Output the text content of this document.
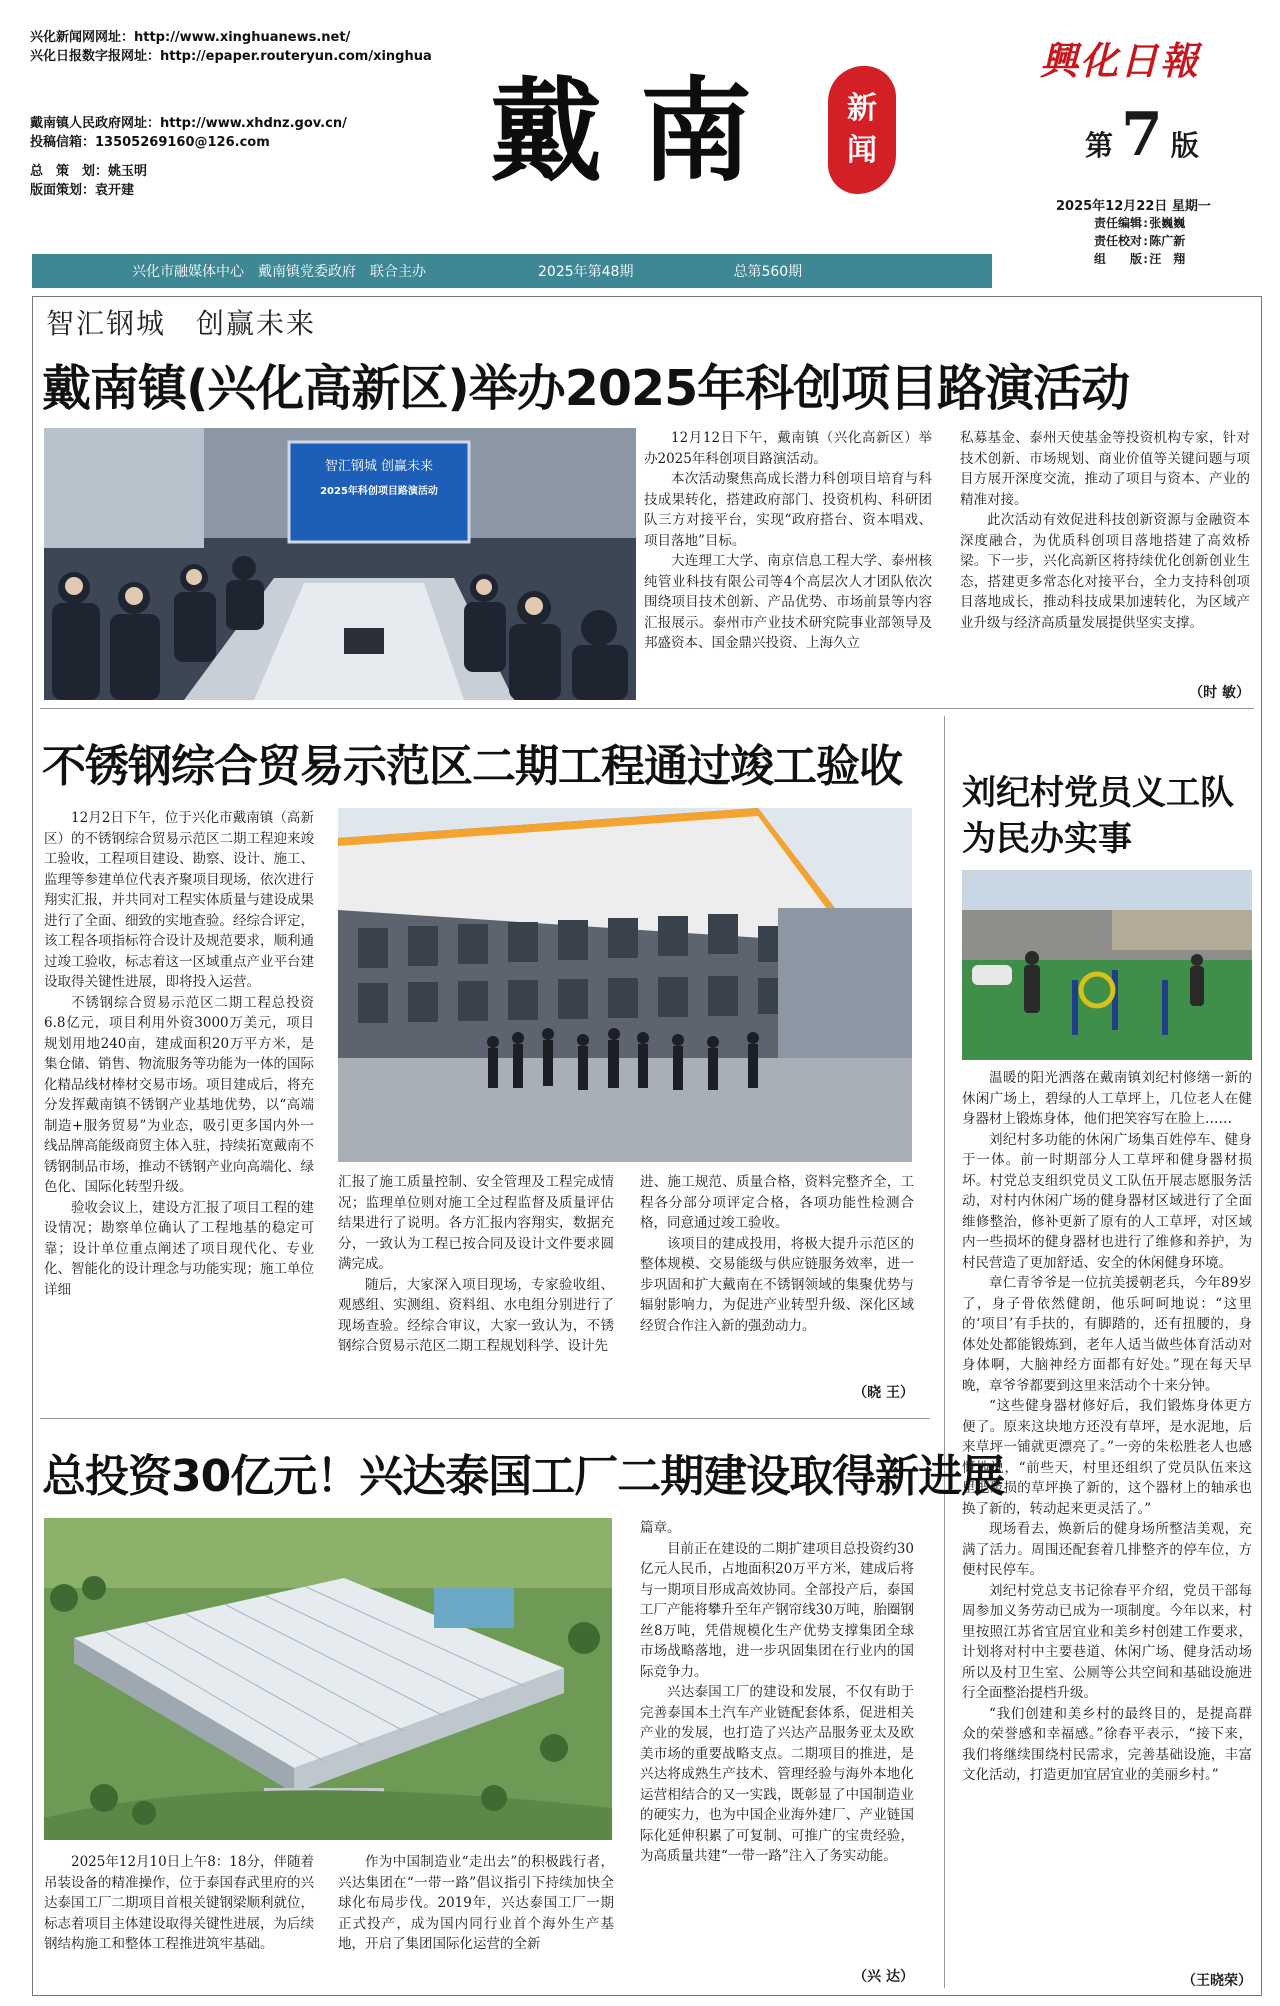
兴化新闻网网址：http://www.xinghuanews.net/
兴化日报数字报网址：http://epaper.routeryun.com/xinghua
戴南镇人民政府网址：http://www.xhdnz.gov.cn/
投稿信箱：13505269160@126.com
总　策　划：姚玉明
版面策划：袁开建	戴南 新
闻
興化日報
第 7 版
2025年12月22日 星期一
责任编辑:张巍巍
责任校对:陈广新
组　　版:汪　翔
兴化市融媒体中心　戴南镇党委政府　联合主办	2025年第48期	总第560期
智汇钢城　创赢未来
戴南镇(兴化高新区)举办2025年科创项目路演活动
智汇钢城 创赢未来
2025年科创项目路演活动

12月12日下午，戴南镇（兴化高新区）举办2025年科创项目路演活动。

本次活动聚焦高成长潜力科创项目培育与科技成果转化，搭建政府部门、投资机构、科研团队三方对接平台，实现“政府搭台、资本唱戏、项目落地”目标。

大连理工大学、南京信息工程大学、泰州核纯管业科技有限公司等4个高层次人才团队依次围绕项目技术创新、产品优势、市场前景等内容汇报展示。泰州市产业技术研究院事业部领导及邦盛资本、国金鼎兴投资、上海久立

私募基金、泰州天使基金等投资机构专家，针对技术创新、市场规划、商业价值等关键问题与项目方展开深度交流，推动了项目与资本、产业的精准对接。

此次活动有效促进科技创新资源与金融资本深度融合，为优质科创项目落地搭建了高效桥梁。下一步，兴化高新区将持续优化创新创业生态，搭建更多常态化对接平台，全力支持科创项目落地成长，推动科技成果加速转化，为区域产业升级与经济高质量发展提供坚实支撑。

（时 敏）
不锈钢综合贸易示范区二期工程通过竣工验收

12月2日下午，位于兴化市戴南镇（高新区）的不锈钢综合贸易示范区二期工程迎来竣工验收，工程项目建设、勘察、设计、施工、监理等参建单位代表齐聚项目现场，依次进行翔实汇报，并共同对工程实体质量与建设成果进行了全面、细致的实地查验。经综合评定，该工程各项指标符合设计及规范要求，顺利通过竣工验收，标志着这一区域重点产业平台建设取得关键性进展，即将投入运营。

不锈钢综合贸易示范区二期工程总投资6.8亿元，项目利用外资3000万美元，项目规划用地240亩，建成面积20万平方米，是集仓储、销售、物流服务等功能为一体的国际化精品线材棒材交易市场。项目建成后，将充分发挥戴南镇不锈钢产业基地优势，以“高端制造+服务贸易”为业态，吸引更多国内外一线品牌高能级商贸主体入驻，持续拓宽戴南不锈钢制品市场，推动不锈钢产业向高端化、绿色化、国际化转型升级。

验收会议上，建设方汇报了项目工程的建设情况；勘察单位确认了工程地基的稳定可靠；设计单位重点阐述了项目现代化、专业化、智能化的设计理念与功能实现；施工单位详细

汇报了施工质量控制、安全管理及工程完成情况；监理单位则对施工全过程监督及质量评估结果进行了说明。各方汇报内容翔实，数据充分，一致认为工程已按合同及设计文件要求圆满完成。

随后，大家深入项目现场，专家验收组、观感组、实测组、资料组、水电组分别进行了现场查验。经综合审议，大家一致认为，不锈钢综合贸易示范区二期工程规划科学、设计先

进、施工规范、质量合格，资料完整齐全，工程各分部分项评定合格，各项功能性检测合格，同意通过竣工验收。

该项目的建成投用，将极大提升示范区的整体规模、交易能级与供应链服务效率，进一步巩固和扩大戴南在不锈钢领域的集聚优势与辐射影响力，为促进产业转型升级、深化区域经贸合作注入新的强劲动力。

（晓 王）
总投资30亿元！兴达泰国工厂二期建设取得新进展

2025年12月10日上午8：18分，伴随着吊装设备的精准操作，位于泰国春武里府的兴达泰国工厂二期项目首根关键钢梁顺利就位，标志着项目主体建设取得关键性进展，为后续钢结构施工和整体工程推进筑牢基础。

作为中国制造业“走出去”的积极践行者，兴达集团在“一带一路”倡议指引下持续加快全球化布局步伐。2019年，兴达泰国工厂一期正式投产，成为国内同行业首个海外生产基地，开启了集团国际化运营的全新

篇章。

目前正在建设的二期扩建项目总投资约30亿元人民币，占地面积20万平方米，建成后将与一期项目形成高效协同。全部投产后，泰国工厂产能将攀升至年产钢帘线30万吨，胎圈钢丝8万吨，凭借规模化生产优势支撑集团全球市场战略落地，进一步巩固集团在行业内的国际竞争力。

兴达泰国工厂的建设和发展，不仅有助于完善泰国本土汽车产业链配套体系，促进相关产业的发展，也打造了兴达产品服务亚太及欧美市场的重要战略支点。二期项目的推进，是兴达将成熟生产技术、管理经验与海外本地化运营相结合的又一实践，既彰显了中国制造业的硬实力，也为中国企业海外建厂、产业链国际化延伸积累了可复制、可推广的宝贵经验，为高质量共建“一带一路”注入了务实动能。

（兴 达）
刘纪村党员义工队
为民办实事

温暖的阳光洒落在戴南镇刘纪村修缮一新的休闲广场上，碧绿的人工草坪上，几位老人在健身器材上锻炼身体，他们把笑容写在脸上……

刘纪村多功能的休闲广场集百姓停车、健身于一体。前一时期部分人工草坪和健身器材损坏。村党总支组织党员义工队伍开展志愿服务活动，对村内休闲广场的健身器材区域进行了全面维修整治，修补更新了原有的人工草坪，对区域内一些损坏的健身器材也进行了维修和养护，为村民营造了更加舒适、安全的休闲健身环境。

章仁青爷爷是一位抗美援朝老兵，今年89岁了，身子骨依然健朗，他乐呵呵地说：“这里的‘项目’有手扶的，有脚踏的，还有扭腰的，身体处处都能锻炼到，老年人适当做些体育活动对身体啊，大脑神经方面都有好处。”现在每天早晚，章爷爷都要到这里来活动个十来分钟。

“这些健身器材修好后，我们锻炼身体更方便了。原来这块地方还没有草坪，是水泥地，后来草坪一铺就更漂亮了。”一旁的朱松胜老人也感慨地说，“前些天，村里还组织了党员队伍来这里把破损的草坪换了新的，这个器材上的轴承也换了新的，转动起来更灵活了。”

现场看去，焕新后的健身场所整洁美观，充满了活力。周围还配套着几排整齐的停车位，方便村民停车。

刘纪村党总支书记徐春平介绍，党员干部每周参加义务劳动已成为一项制度。今年以来，村里按照江苏省宜居宜业和美乡村创建工作要求，计划将对村中主要巷道、休闲广场、健身活动场所以及村卫生室、公厕等公共空间和基础设施进行全面整治提档升级。

“我们创建和美乡村的最终目的，是提高群众的荣誉感和幸福感。”徐春平表示，“接下来，我们将继续围绕村民需求，完善基础设施，丰富文化活动，打造更加宜居宜业的美丽乡村。”

（王晓荣）
